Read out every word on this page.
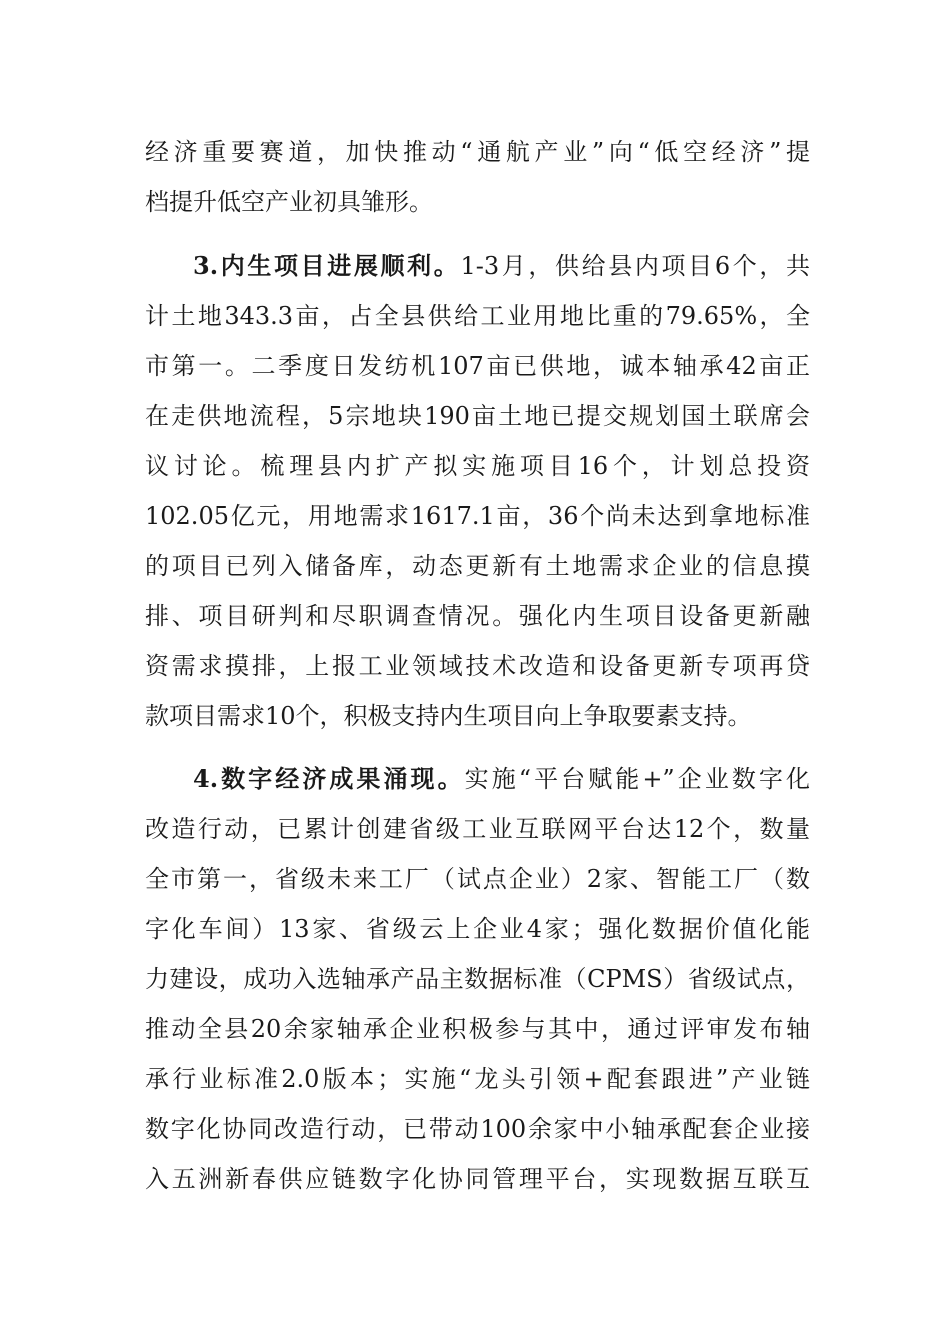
经济重要赛道，加快推动“通航产业”向“低空经济”提
档提升低空产业初具雏形。
3.内生项目进展顺利。1-3月，供给县内项目6个，共
计土地343.3亩，占全县供给工业用地比重的79.65%，全
市第一。二季度日发纺机107亩已供地，诚本轴承42亩正
在走供地流程，5宗地块190亩土地已提交规划国土联席会
议讨论。梳理县内扩产拟实施项目16个，计划总投资
102.05亿元，用地需求1617.1亩，36个尚未达到拿地标准
的项目已列入储备库，动态更新有土地需求企业的信息摸
排、项目研判和尽职调查情况。强化内生项目设备更新融
资需求摸排，上报工业领域技术改造和设备更新专项再贷
款项目需求10个，积极支持内生项目向上争取要素支持。
4.数字经济成果涌现。实施“平台赋能+”企业数字化
改造行动，已累计创建省级工业互联网平台达12个，数量
全市第一，省级未来工厂（试点企业）2家、智能工厂（数
字化车间）13家、省级云上企业4家；强化数据价值化能
力建设，成功入选轴承产品主数据标准（CPMS）省级试点，
推动全县20余家轴承企业积极参与其中，通过评审发布轴
承行业标准2.0版本；实施“龙头引领+配套跟进”产业链
数字化协同改造行动，已带动100余家中小轴承配套企业接
入五洲新春供应链数字化协同管理平台，实现数据互联互
